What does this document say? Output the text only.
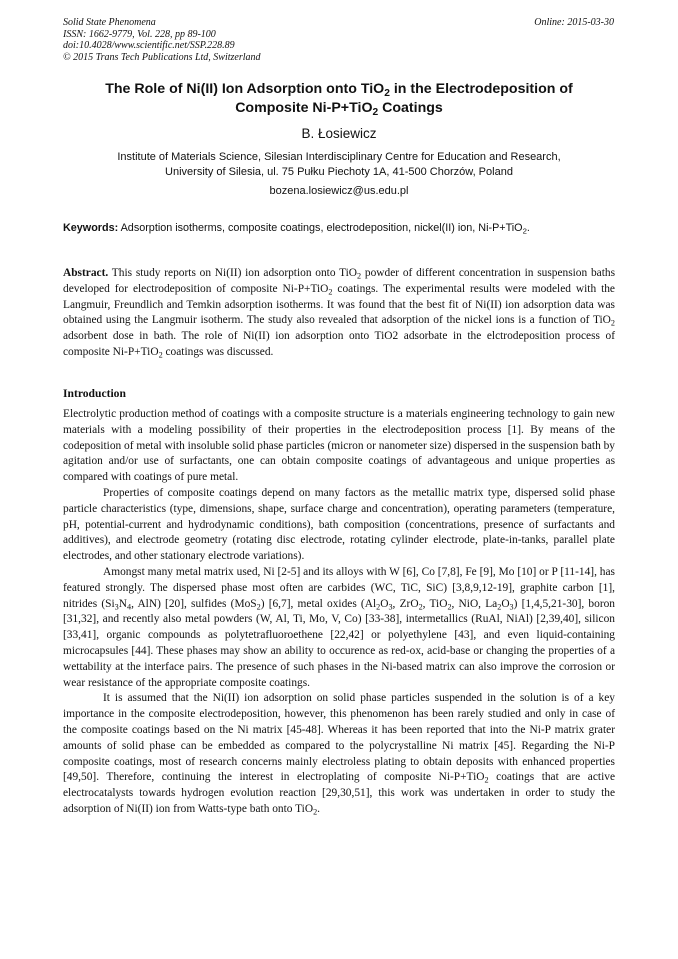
Solid State Phenomena
ISSN: 1662-9779, Vol. 228, pp 89-100
doi:10.4028/www.scientific.net/SSP.228.89
© 2015 Trans Tech Publications Ltd, Switzerland
Online: 2015-03-30
The Role of Ni(II) Ion Adsorption onto TiO$_2$ in the Electrodeposition of
Composite Ni-P+TiO$_2$ Coatings
B. Łosiewicz
Institute of Materials Science, Silesian Interdisciplinary Centre for Education and Research,
University of Silesia, ul. 75 Pułku Piechoty 1A, 41-500 Chorzów, Poland
bozena.losiewicz@us.edu.pl
Keywords: Adsorption isotherms, composite coatings, electrodeposition, nickel(II) ion, Ni-P+TiO$_2$.
Abstract. This study reports on Ni(II) ion adsorption onto TiO$_2$ powder of different concentration in suspension baths developed for electrodeposition of composite Ni-P+TiO$_2$ coatings. The experimental results were modeled with the Langmuir, Freundlich and Temkin adsorption isotherms. It was found that the best fit of Ni(II) ion adsorption data was obtained using the Langmuir isotherm. The study also revealed that adsorption of the nickel ions is a function of TiO$_2$ adsorbent dose in bath. The role of Ni(II) ion adsorption onto TiO2 adsorbate in the elctrodeposition process of composite Ni-P+TiO$_2$ coatings was discussed.
Introduction

Electrolytic production method of coatings with a composite structure is a materials engineering technology to gain new materials with a modeling possibility of their properties in the electrodeposition process [1]. By means of the codeposition of metal with insoluble solid phase particles (micron or nanometer size) dispersed in the suspension bath by agitation and/or use of surfactants, one can obtain composite coatings of advantageous and unique properties as compared with coatings of pure metal.

Properties of composite coatings depend on many factors as the metallic matrix type, dispersed solid phase particle characteristics (type, dimensions, shape, surface charge and concentration), operating parameters (temperature, pH, potential-current and hydrodynamic conditions), bath composition (concentrations, presence of surfactants and additives), and electrode geometry (rotating disc electrode, rotating cylinder electrode, plate-in-tanks, parallel plate electrodes, and other stationary electrode variations).

Amongst many metal matrix used, Ni [2-5] and its alloys with W [6], Co [7,8], Fe [9], Mo [10] or P [11-14], has featured strongly. The dispersed phase most often are carbides (WC, TiC, SiC) [3,8,9,12-19], graphite carbon [1], nitrides ($Si_3N_4$, AlN) [20], sulfides (MoS$_2$) [6,7], metal oxides ($Al_2O_3$, ZrO$_2$, TiO$_2$, NiO, $La_2O_3$) [1,4,5,21-30], boron [31,32], and recently also metal powders (W, Al, Ti, Mo, V, Co) [33-38], intermetallics (RuAl, NiAl) [2,39,40], silicon [33,41], organic compounds as polytetrafluoroethene [22,42] or polyethylene [43], and even liquid-containing microcapsules [44]. These phases may show an ability to occurence as red-ox, acid-base or changing the properties of a wettability at the interface pairs. The presence of such phases in the Ni-based matrix can also improve the corrosion or wear resistance of the appropriate composite coatings.

It is assumed that the Ni(II) ion adsorption on solid phase particles suspended in the solution is of a key importance in the composite electrodeposition, however, this phenomenon has been rarely studied and only in case of the composite coatings based on the Ni matrix [45-48]. Whereas it has been reported that into the Ni-P matrix grater amounts of solid phase can be embedded as compared to the polycrystalline Ni matrix [45]. Regarding the Ni-P composite coatings, most of research concerns mainly electroless plating to obtain deposits with enhanced properties [49,50]. Therefore, continuing the interest in electroplating of composite Ni-P+TiO$_2$ coatings that are active electrocatalysts towards hydrogen evolution reaction [29,30,51], this work was undertaken in order to study the adsorption of Ni(II) ion from Watts-type bath onto TiO$_2$.
